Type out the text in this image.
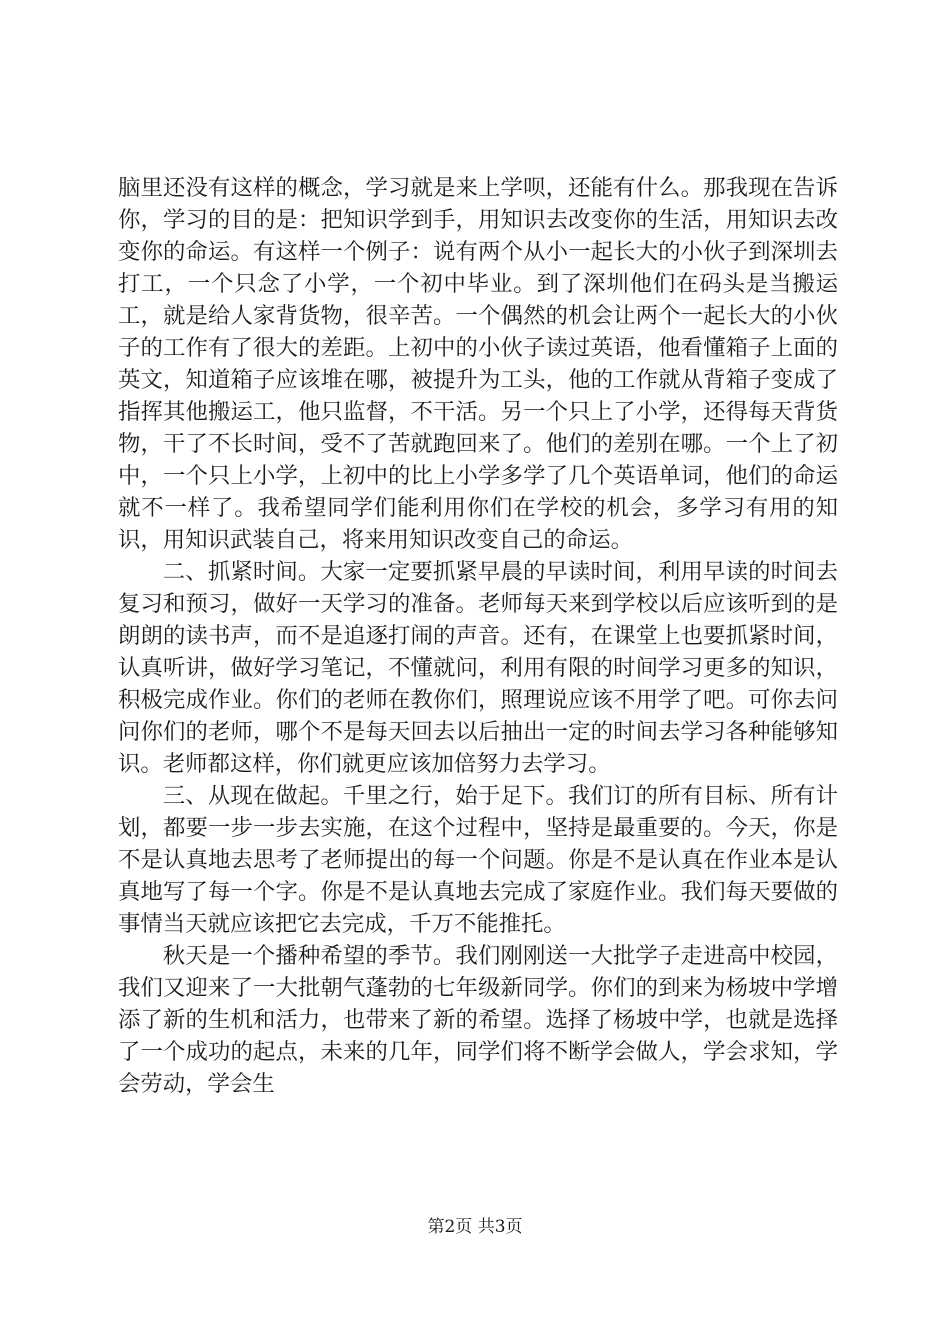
脑里还没有这样的概念，学习就是来上学呗，还能有什么。那我现在告诉你，学习的目的是：把知识学到手，用知识去改变你的生活，用知识去改变你的命运。有这样一个例子：说有两个从小一起长大的小伙子到深圳去打工，一个只念了小学，一个初中毕业。到了深圳他们在码头是当搬运工，就是给人家背货物，很辛苦。一个偶然的机会让两个一起长大的小伙子的工作有了很大的差距。上初中的小伙子读过英语，他看懂箱子上面的英文，知道箱子应该堆在哪，被提升为工头，他的工作就从背箱子变成了指挥其他搬运工，他只监督，不干活。另一个只上了小学，还得每天背货物，干了不长时间，受不了苦就跑回来了。他们的差别在哪。一个上了初中，一个只上小学，上初中的比上小学多学了几个英语单词，他们的命运就不一样了。我希望同学们能利用你们在学校的机会，多学习有用的知识，用知识武装自己，将来用知识改变自己的命运。

二、抓紧时间。大家一定要抓紧早晨的早读时间，利用早读的时间去复习和预习，做好一天学习的准备。老师每天来到学校以后应该听到的是朗朗的读书声，而不是追逐打闹的声音。还有，在课堂上也要抓紧时间，认真听讲，做好学习笔记，不懂就问，利用有限的时间学习更多的知识，积极完成作业。你们的老师在教你们，照理说应该不用学了吧。可你去问问你们的老师，哪个不是每天回去以后抽出一定的时间去学习各种能够知识。老师都这样，你们就更应该加倍努力去学习。

三、从现在做起。千里之行，始于足下。我们订的所有目标、所有计划，都要一步一步去实施，在这个过程中，坚持是最重要的。今天，你是不是认真地去思考了老师提出的每一个问题。你是不是认真在作业本是认真地写了每一个字。你是不是认真地去完成了家庭作业。我们每天要做的事情当天就应该把它去完成，千万不能推托。

秋天是一个播种希望的季节。我们刚刚送一大批学子走进高中校园，我们又迎来了一大批朝气蓬勃的七年级新同学。你们的到来为杨坡中学增添了新的生机和活力，也带来了新的希望。选择了杨坡中学，也就是选择了一个成功的起点，未来的几年，同学们将不断学会做人，学会求知，学会劳动，学会生

第2页 共3页
